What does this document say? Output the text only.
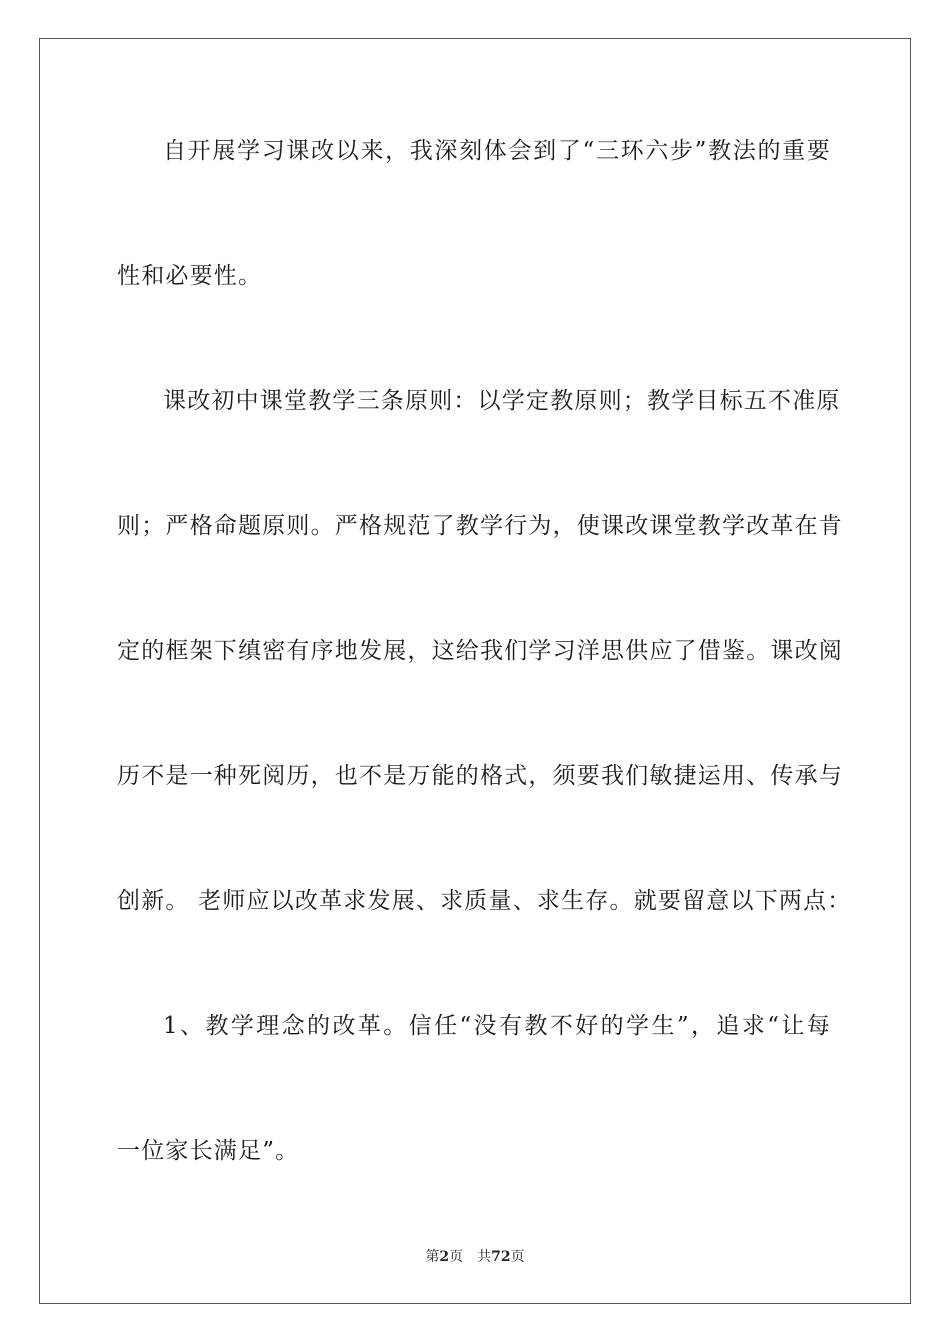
自开展学习课改以来，我深刻体会到了“三环六步”教法的重要
性和必要性。
课改初中课堂教学三条原则：以学定教原则；教学目标五不准原
则；严格命题原则。严格规范了教学行为，使课改课堂教学改革在肯
定的框架下缜密有序地发展，这给我们学习洋思供应了借鉴。课改阅
历不是一种死阅历，也不是万能的格式，须要我们敏捷运用、传承与
创新。 老师应以改革求发展、求质量、求生存。就要留意以下两点：
1、教学理念的改革。信任“没有教不好的学生”，追求“让每
一位家长满足”。
第2页 共72页
